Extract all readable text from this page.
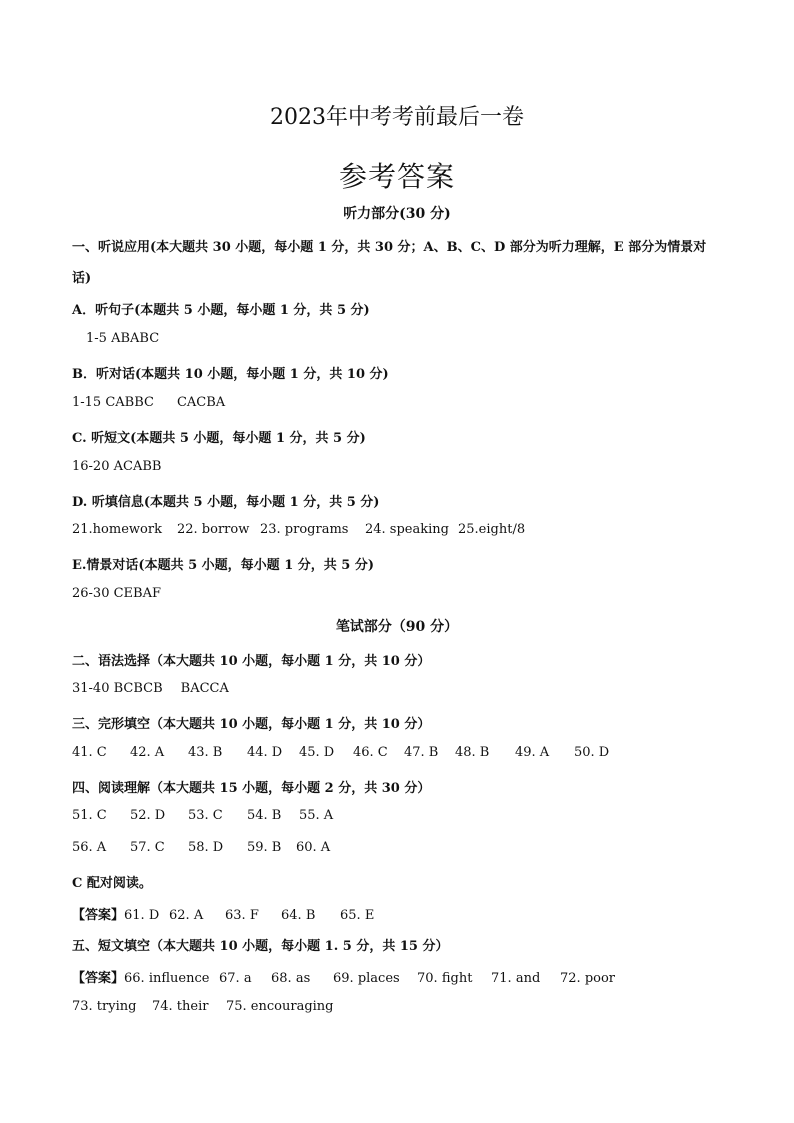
2023年中考考前最后一卷
参考答案
听力部分(30 分)
一、听说应用(本大题共 30 小题，每小题 1 分，共 30 分；A、B、C、D 部分为听力理解，E 部分为情景对
话)
A．听句子(本题共 5 小题，每小题 1 分，共 5 分)
1-5 ABABC
B．听对话(本题共 10 小题，每小题 1 分，共 10 分)
1-15 CABBC CACBA
C. 听短文(本题共 5 小题，每小题 1 分，共 5 分)
16-20 ACABB
D. 听填信息(本题共 5 小题，每小题 1 分，共 5 分)
21.homework 22. borrow 23. programs 24. speaking 25.eight/8
E.情景对话(本题共 5 小题，每小题 1 分，共 5 分)
26-30 CEBAF
笔试部分（90 分）
二、语法选择（本大题共 10 小题，每小题 1 分，共 10 分）
31-40 BCBCB BACCA
三、完形填空（本大题共 10 小题，每小题 1 分，共 10 分）
41. C 42. A 43. B 44. D 45. D 46. C 47. B 48. B 49. A 50. D
四、阅读理解（本大题共 15 小题，每小题 2 分，共 30 分）
51. C 52. D 53. C 54. B 55. A
56. A 57. C 58. D 59. B 60. A
C 配对阅读。
【答案】61. D 62. A 63. F 64. B 65. E
五、短文填空（本大题共 10 小题，每小题 1. 5 分，共 15 分）
【答案】66. influence 67. a 68. as 69. places 70. fight 71. and 72. poor
73. trying 74. their 75. encouraging
